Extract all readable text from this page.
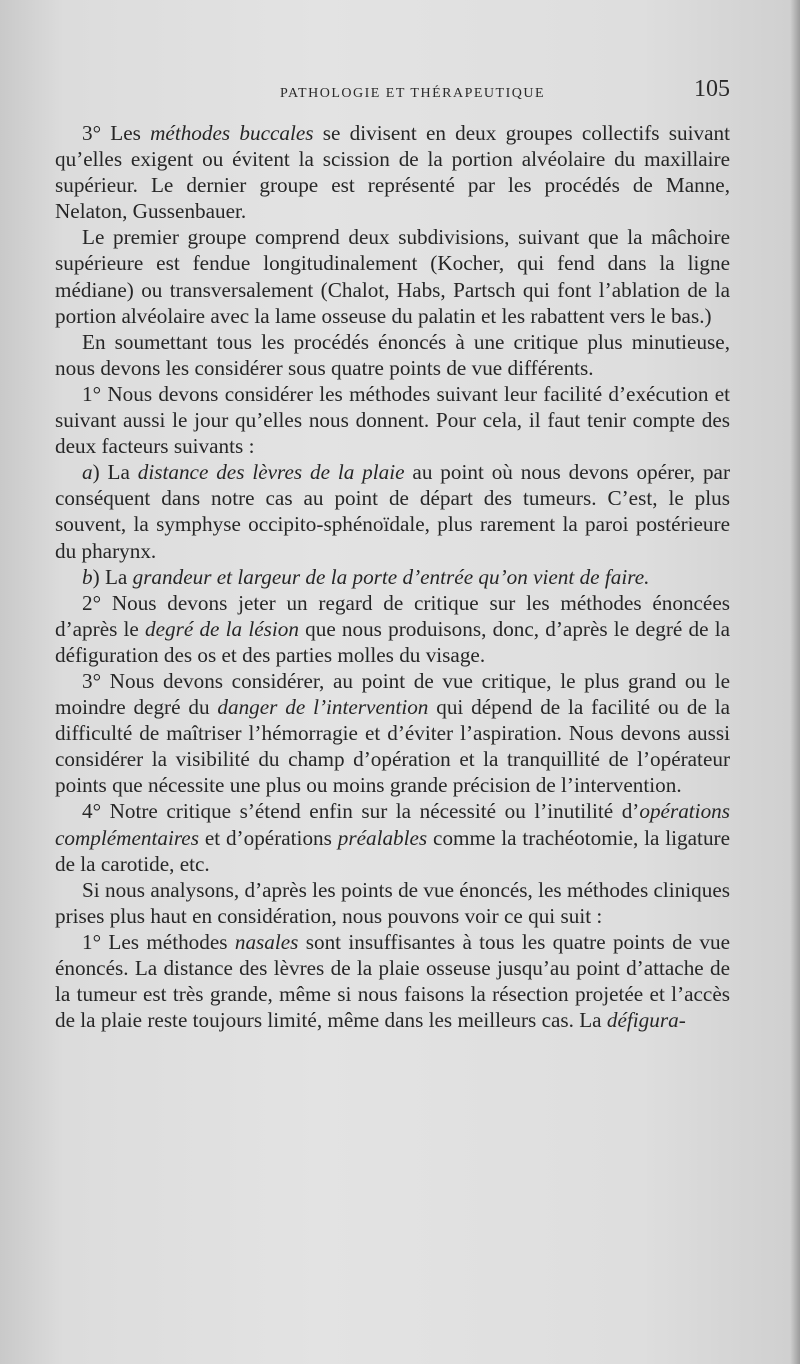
PATHOLOGIE ET THÉRAPEUTIQUE	105

3° Les méthodes buccales se divisent en deux groupes collectifs suivant qu’elles exigent ou évitent la scission de la portion alvéolaire du maxillaire supérieur. Le dernier groupe est représenté par les procédés de Manne, Nelaton, Gussenbauer.

Le premier groupe comprend deux subdivisions, suivant que la mâchoire supérieure est fendue longitudinalement (Kocher, qui fend dans la ligne médiane) ou transversalement (Chalot, Habs, Partsch qui font l’ablation de la portion alvéolaire avec la lame osseuse du palatin et les rabattent vers le bas.)

En soumettant tous les procédés énoncés à une critique plus minutieuse, nous devons les considérer sous quatre points de vue différents.

1° Nous devons considérer les méthodes suivant leur facilité d’exécution et suivant aussi le jour qu’elles nous donnent. Pour cela, il faut tenir compte des deux facteurs suivants :

a) La distance des lèvres de la plaie au point où nous devons opérer, par conséquent dans notre cas au point de départ des tumeurs. C’est, le plus souvent, la symphyse occipito-sphénoïdale, plus rarement la paroi postérieure du pharynx.

b) La grandeur et largeur de la porte d’entrée qu’on vient de faire.

2° Nous devons jeter un regard de critique sur les méthodes énoncées d’après le degré de la lésion que nous produisons, donc, d’après le degré de la défiguration des os et des parties molles du visage.

3° Nous devons considérer, au point de vue critique, le plus grand ou le moindre degré du danger de l’intervention qui dépend de la facilité ou de la difficulté de maîtriser l’hémorragie et d’éviter l’aspiration. Nous devons aussi considérer la visibilité du champ d’opération et la tranquillité de l’opérateur points que nécessite une plus ou moins grande précision de l’intervention.

4° Notre critique s’étend enfin sur la nécessité ou l’inutilité d’opérations complémentaires et d’opérations préalables comme la trachéotomie, la ligature de la carotide, etc.

Si nous analysons, d’après les points de vue énoncés, les méthodes cliniques prises plus haut en considération, nous pouvons voir ce qui suit :

1° Les méthodes nasales sont insuffisantes à tous les quatre points de vue énoncés. La distance des lèvres de la plaie osseuse jusqu’au point d’attache de la tumeur est très grande, même si nous faisons la résection projetée et l’accès de la plaie reste toujours limité, même dans les meilleurs cas. La défigura-
